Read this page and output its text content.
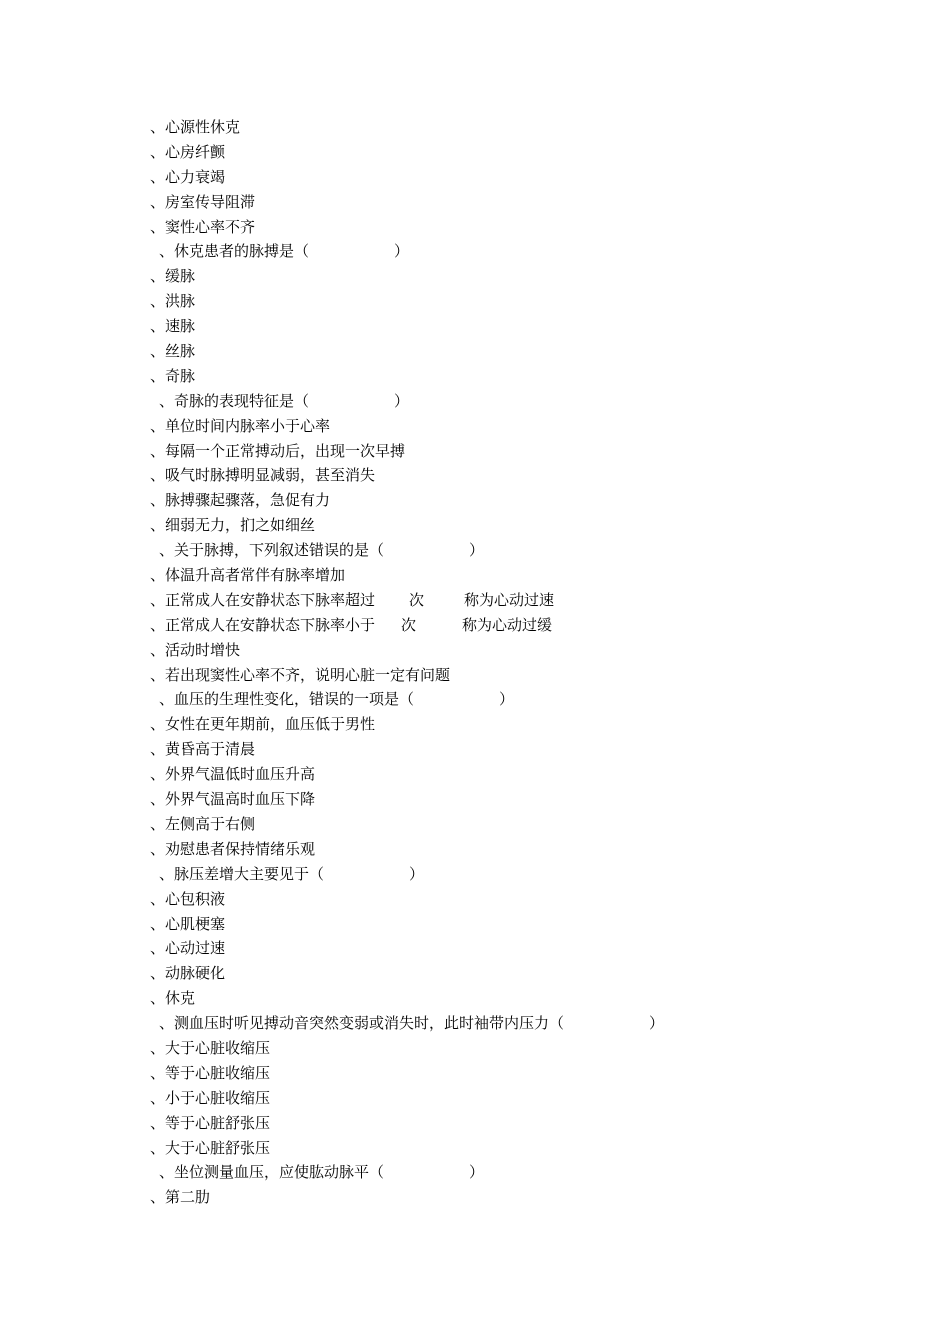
、心源性休克
、心房纤颤
、心力衰竭
、房室传导阻滞
、窦性心率不齐
、休克患者的脉搏是（	）
、缓脉
、洪脉
、速脉
、丝脉
、奇脉
、奇脉的表现特征是（	）
、单位时间内脉率小于心率
、每隔一个正常搏动后，出现一次早搏
、吸气时脉搏明显减弱，甚至消失
、脉搏骤起骤落，急促有力
、细弱无力，扪之如细丝
、关于脉搏，下列叙述错误的是（	）
、体温升高者常伴有脉率增加
、正常成人在安静状态下脉率超过 次	称为心动过速
、正常成人在安静状态下脉率小于 次	称为心动过缓
、活动时增快
、若出现窦性心率不齐，说明心脏一定有问题
、血压的生理性变化，错误的一项是（	）
、女性在更年期前，血压低于男性
、黄昏高于清晨
、外界气温低时血压升高
、外界气温高时血压下降
、左侧高于右侧
、劝慰患者保持情绪乐观
、脉压差增大主要见于（	）
、心包积液
、心肌梗塞
、心动过速
、动脉硬化
、休克
、测血压时听见搏动音突然变弱或消失时，此时袖带内压力（	）
、大于心脏收缩压
、等于心脏收缩压
、小于心脏收缩压
、等于心脏舒张压
、大于心脏舒张压
、坐位测量血压，应使肱动脉平（	）
、第二肋
